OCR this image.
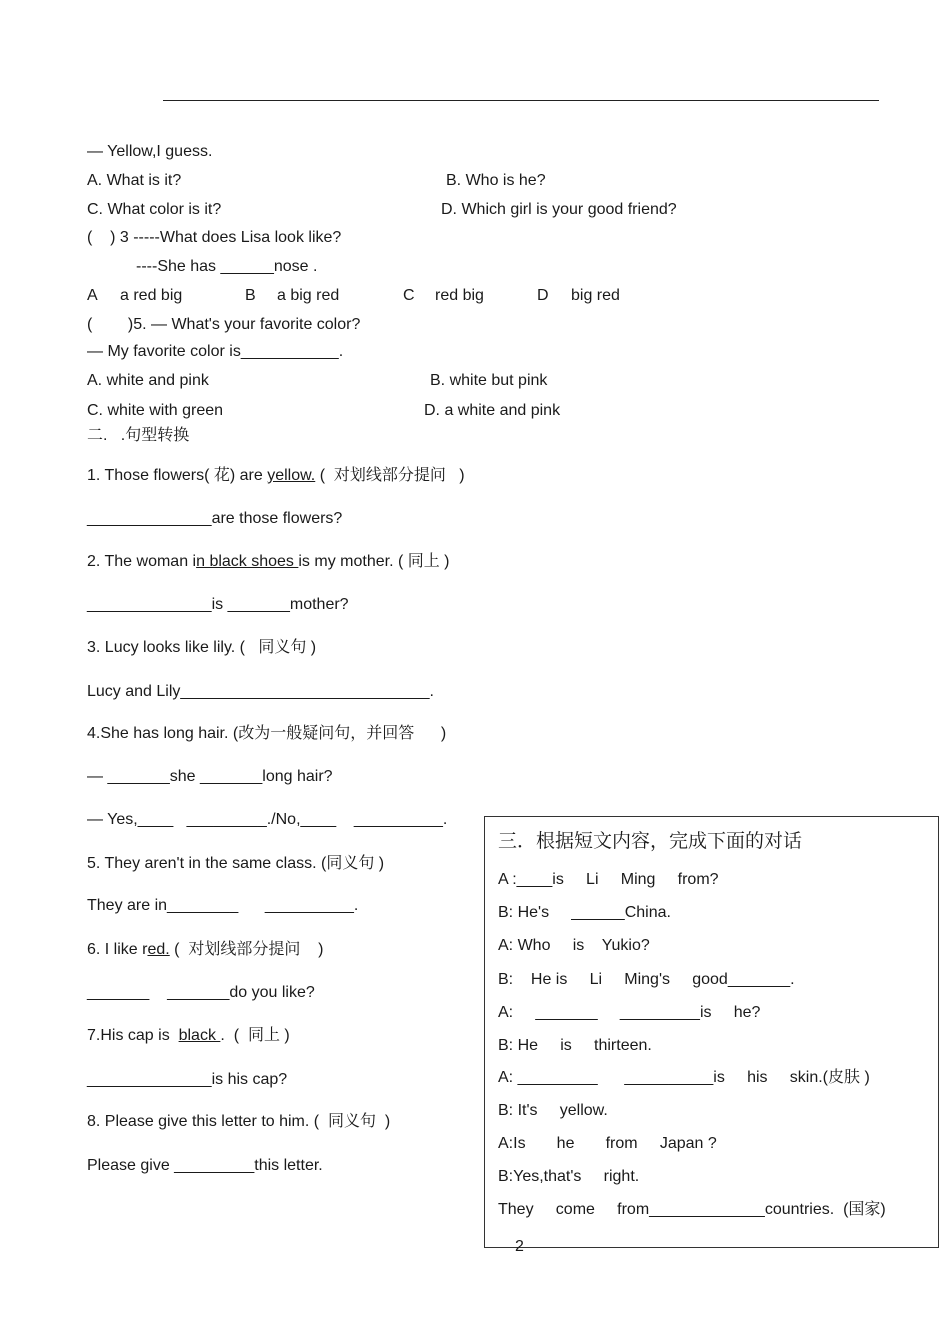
— Yellow,I guess.
A. What is it?	B. Who is he?
C. What color is it?	D. Which girl is your good friend?
(    ) 3 -----What does Lisa look like?
----She has ______nose .
A a red big	B a big red	C red big	D big red
(        )5. — What's your favorite color?
— My favorite color is___________.
A. white and pink	B. white but pink
C. white with green	D. a white and pink
二.   .句型转换
1. Those flowers( 花) are yellow. (  对划线部分提问   )
______________are those flowers?
2. The woman in black shoes is my mother. ( 同上 )
______________is _______mother?
3. Lucy looks like lily. (   同义句 )
Lucy and Lily____________________________.
4.She has long hair. (改为一般疑问句，并回答      )
— _______she _______long hair?
— Yes,____   _________./No,____    __________.
5. They aren't in the same class. (同义句 )
They are in________      __________.
6. I like red. (  对划线部分提问    )
_______    _______do you like?
7.His cap is  black .  (  同上 )
______________is his cap?
8. Please give this letter to him. (  同义句  )
Please give _________this letter.
三．根据短文内容，完成下面的对话
A :____is     Li     Ming     from?
B: He's     ______China.
A: Who     is    Yukio?
B:    He is     Li     Ming's     good_______.
A:     _______     _________is     he?
B: He     is     thirteen.
A: _________      __________is     his     skin.(皮肤 )
B: It's     yellow.
A:Is       he       from     Japan ?
B:Yes,that's     right.
They     come     from_____________countries.  (国家)
2
